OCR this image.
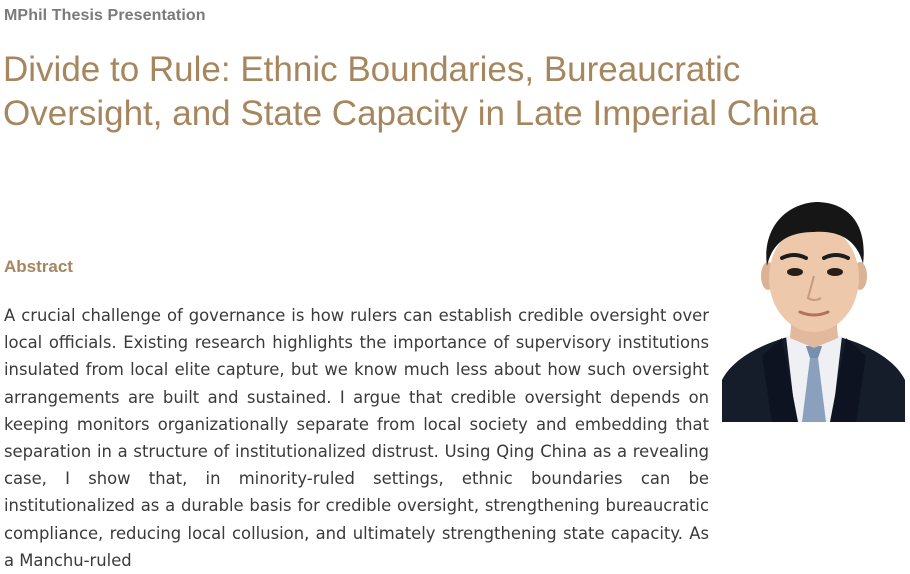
MPhil Thesis Presentation
Divide to Rule: Ethnic Boundaries, Bureaucratic Oversight, and State Capacity in Late Imperial China
Abstract

A crucial challenge of governance is how rulers can establish credible oversight over local officials. Existing research highlights the importance of supervisory institutions insulated from local elite capture, but we know much less about how such oversight arrangements are built and sustained. I argue that credible oversight depends on keeping monitors organizationally separate from local society and embedding that separation in a structure of institutionalized distrust. Using Qing China as a revealing case, I show that, in minority-ruled settings, ethnic boundaries can be institutionalized as a durable basis for credible oversight, strengthening bureaucratic compliance, reducing local collusion, and ultimately strengthening state capacity. As a Manchu-ruled
